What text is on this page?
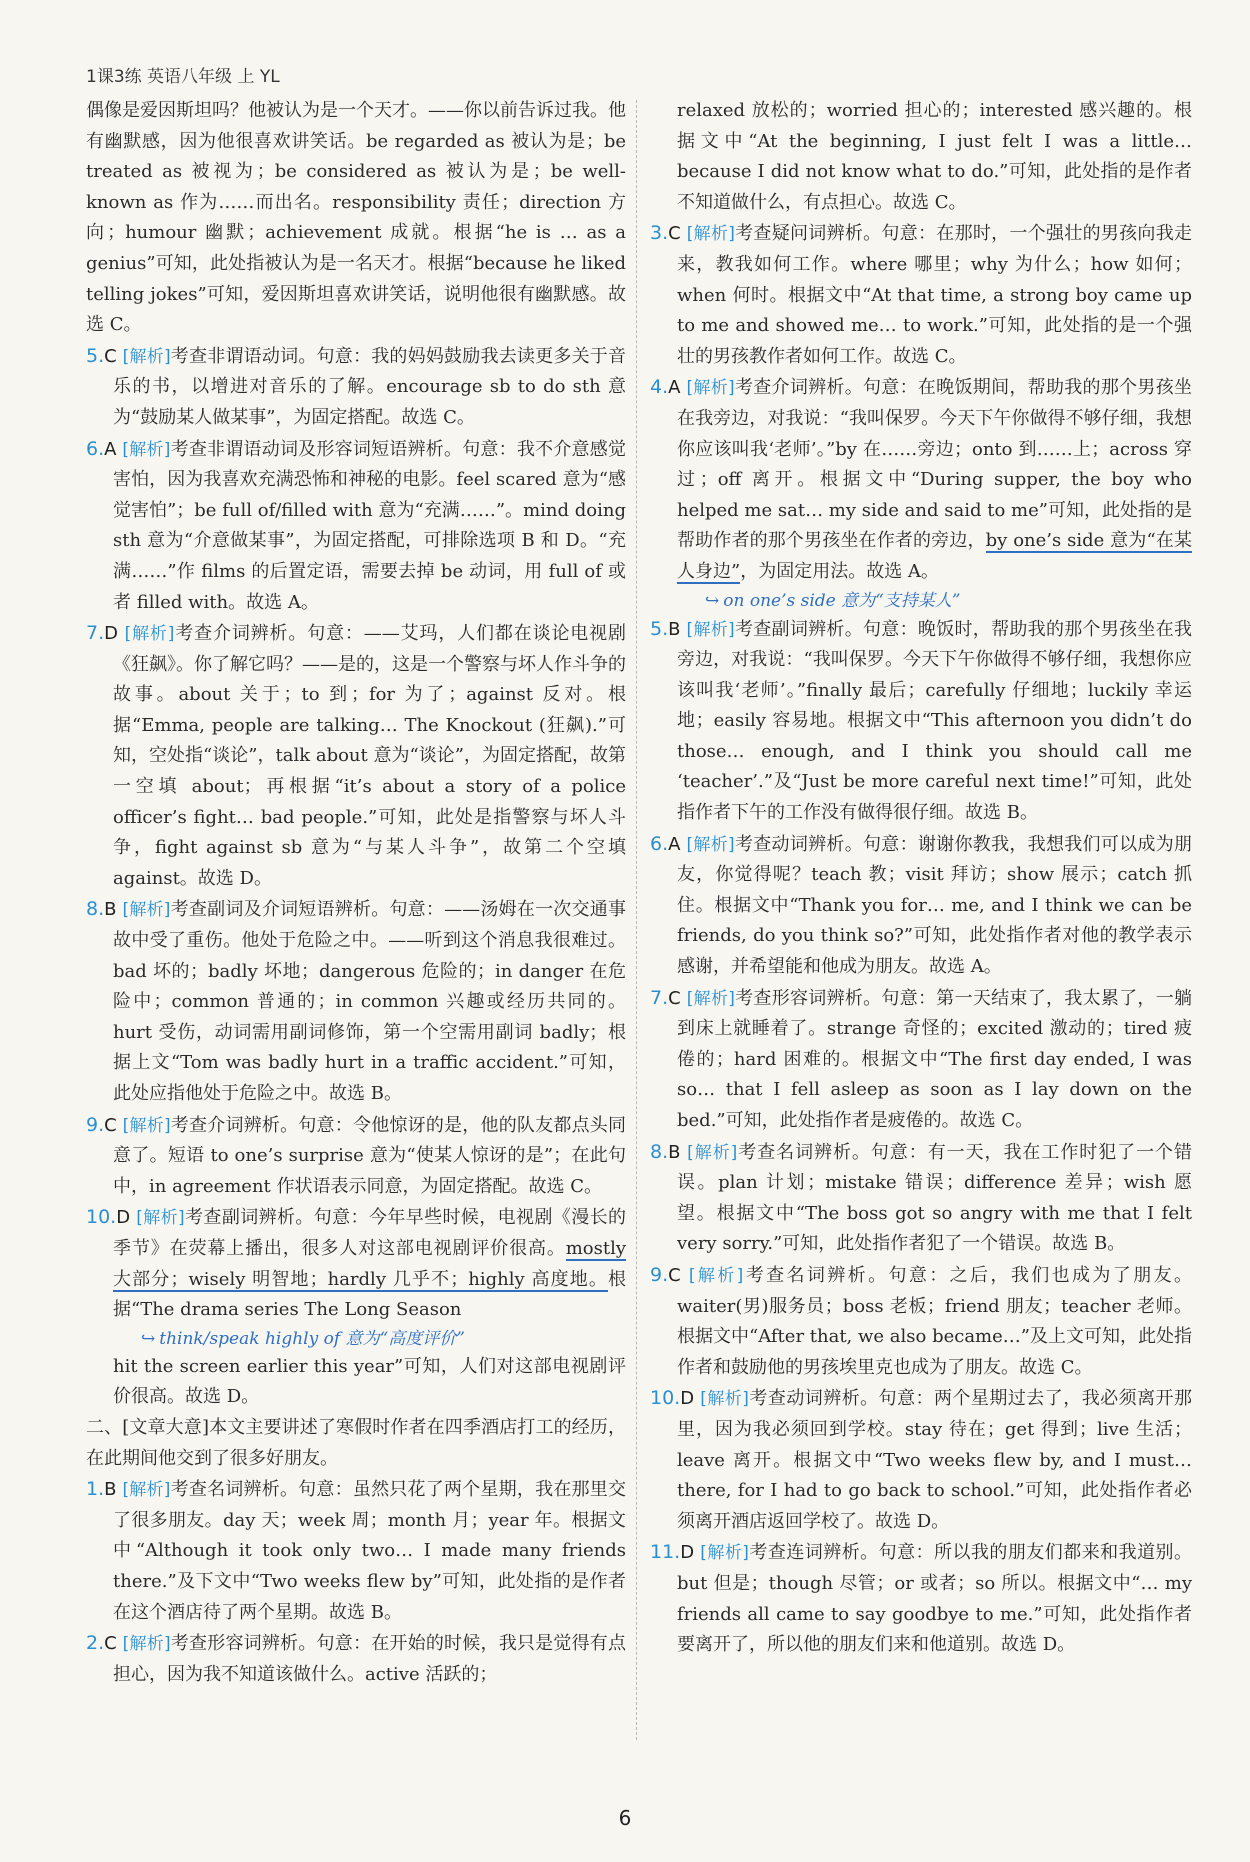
1课3练 英语八年级 上 YL

偶像是爱因斯坦吗？他被认为是一个天才。——你以前告诉过我。他有幽默感，因为他很喜欢讲笑话。be regarded as 被认为是；be treated as 被视为；be considered as 被认为是；be well-known as 作为……而出名。responsibility 责任；direction 方向；humour 幽默；achievement 成就。根据“he is … as a genius”可知，此处指被认为是一名天才。根据“because he liked telling jokes”可知，爱因斯坦喜欢讲笑话，说明他很有幽默感。故选 C。

5.C [解析]考查非谓语动词。句意：我的妈妈鼓励我去读更多关于音乐的书，以增进对音乐的了解。encourage sb to do sth 意为“鼓励某人做某事”，为固定搭配。故选 C。

6.A [解析]考查非谓语动词及形容词短语辨析。句意：我不介意感觉害怕，因为我喜欢充满恐怖和神秘的电影。feel scared 意为“感觉害怕”；be full of/filled with 意为“充满……”。mind doing sth 意为“介意做某事”，为固定搭配，可排除选项 B 和 D。“充满……”作 films 的后置定语，需要去掉 be 动词，用 full of 或者 filled with。故选 A。

7.D [解析]考查介词辨析。句意：——艾玛，人们都在谈论电视剧《狂飙》。你了解它吗？——是的，这是一个警察与坏人作斗争的故事。about 关于；to 到；for 为了；against 反对。根据“Emma, people are talking… The Knockout (狂飙).”可知，空处指“谈论”，talk about 意为“谈论”，为固定搭配，故第一空填 about；再根据“it’s about a story of a police officer’s fight… bad people.”可知，此处是指警察与坏人斗争，fight against sb 意为“与某人斗争”，故第二个空填 against。故选 D。

8.B [解析]考查副词及介词短语辨析。句意：——汤姆在一次交通事故中受了重伤。他处于危险之中。——听到这个消息我很难过。bad 坏的；badly 坏地；dangerous 危险的；in danger 在危险中；common 普通的；in common 兴趣或经历共同的。hurt 受伤，动词需用副词修饰，第一个空需用副词 badly；根据上文“Tom was badly hurt in a traffic accident.”可知，此处应指他处于危险之中。故选 B。

9.C [解析]考查介词辨析。句意：令他惊讶的是，他的队友都点头同意了。短语 to one’s surprise 意为“使某人惊讶的是”；在此句中，in agreement 作状语表示同意，为固定搭配。故选 C。

10.D [解析]考查副词辨析。句意：今年早些时候，电视剧《漫长的季节》在荧幕上播出，很多人对这部电视剧评价很高。mostly 大部分；wisely 明智地；hardly 几乎不；highly 高度地。根据“The drama series The Long Season

↪ think/speak highly of 意为“高度评价”

hit the screen earlier this year”可知，人们对这部电视剧评价很高。故选 D。

二、[文章大意]本文主要讲述了寒假时作者在四季酒店打工的经历，在此期间他交到了很多好朋友。

1.B [解析]考查名词辨析。句意：虽然只花了两个星期，我在那里交了很多朋友。day 天；week 周；month 月；year 年。根据文中“Although it took only two… I made many friends there.”及下文中“Two weeks flew by”可知，此处指的是作者在这个酒店待了两个星期。故选 B。

2.C [解析]考查形容词辨析。句意：在开始的时候，我只是觉得有点担心，因为我不知道该做什么。active 活跃的；

relaxed 放松的；worried 担心的；interested 感兴趣的。根据文中“At the beginning, I just felt I was a little… because I did not know what to do.”可知，此处指的是作者不知道做什么，有点担心。故选 C。

3.C [解析]考查疑问词辨析。句意：在那时，一个强壮的男孩向我走来，教我如何工作。where 哪里；why 为什么；how 如何；when 何时。根据文中“At that time, a strong boy came up to me and showed me… to work.”可知，此处指的是一个强壮的男孩教作者如何工作。故选 C。

4.A [解析]考查介词辨析。句意：在晚饭期间，帮助我的那个男孩坐在我旁边，对我说：“我叫保罗。今天下午你做得不够仔细，我想你应该叫我‘老师’。”by 在……旁边；onto 到……上；across 穿过；off 离开。根据文中“During supper, the boy who helped me sat… my side and said to me”可知，此处指的是帮助作者的那个男孩坐在作者的旁边，by one’s side 意为“在某人身边”，为固定用法。故选 A。

↪ on one’s side 意为“支持某人”

5.B [解析]考查副词辨析。句意：晚饭时，帮助我的那个男孩坐在我旁边，对我说：“我叫保罗。今天下午你做得不够仔细，我想你应该叫我‘老师’。”finally 最后；carefully 仔细地；luckily 幸运地；easily 容易地。根据文中“This afternoon you didn’t do those… enough, and I think you should call me ‘teacher’.”及“Just be more careful next time!”可知，此处指作者下午的工作没有做得很仔细。故选 B。

6.A [解析]考查动词辨析。句意：谢谢你教我，我想我们可以成为朋友，你觉得呢？teach 教；visit 拜访；show 展示；catch 抓住。根据文中“Thank you for… me, and I think we can be friends, do you think so?”可知，此处指作者对他的教学表示感谢，并希望能和他成为朋友。故选 A。

7.C [解析]考查形容词辨析。句意：第一天结束了，我太累了，一躺到床上就睡着了。strange 奇怪的；excited 激动的；tired 疲倦的；hard 困难的。根据文中“The first day ended, I was so… that I fell asleep as soon as I lay down on the bed.”可知，此处指作者是疲倦的。故选 C。

8.B [解析]考查名词辨析。句意：有一天，我在工作时犯了一个错误。plan 计划；mistake 错误；difference 差异；wish 愿望。根据文中“The boss got so angry with me that I felt very sorry.”可知，此处指作者犯了一个错误。故选 B。

9.C [解析]考查名词辨析。句意：之后，我们也成为了朋友。waiter(男)服务员；boss 老板；friend 朋友；teacher 老师。根据文中“After that, we also became…”及上文可知，此处指作者和鼓励他的男孩埃里克也成为了朋友。故选 C。

10.D [解析]考查动词辨析。句意：两个星期过去了，我必须离开那里，因为我必须回到学校。stay 待在；get 得到；live 生活；leave 离开。根据文中“Two weeks flew by, and I must… there, for I had to go back to school.”可知，此处指作者必须离开酒店返回学校了。故选 D。

11.D [解析]考查连词辨析。句意：所以我的朋友们都来和我道别。but 但是；though 尽管；or 或者；so 所以。根据文中“… my friends all came to say goodbye to me.”可知，此处指作者要离开了，所以他的朋友们来和他道别。故选 D。

6
